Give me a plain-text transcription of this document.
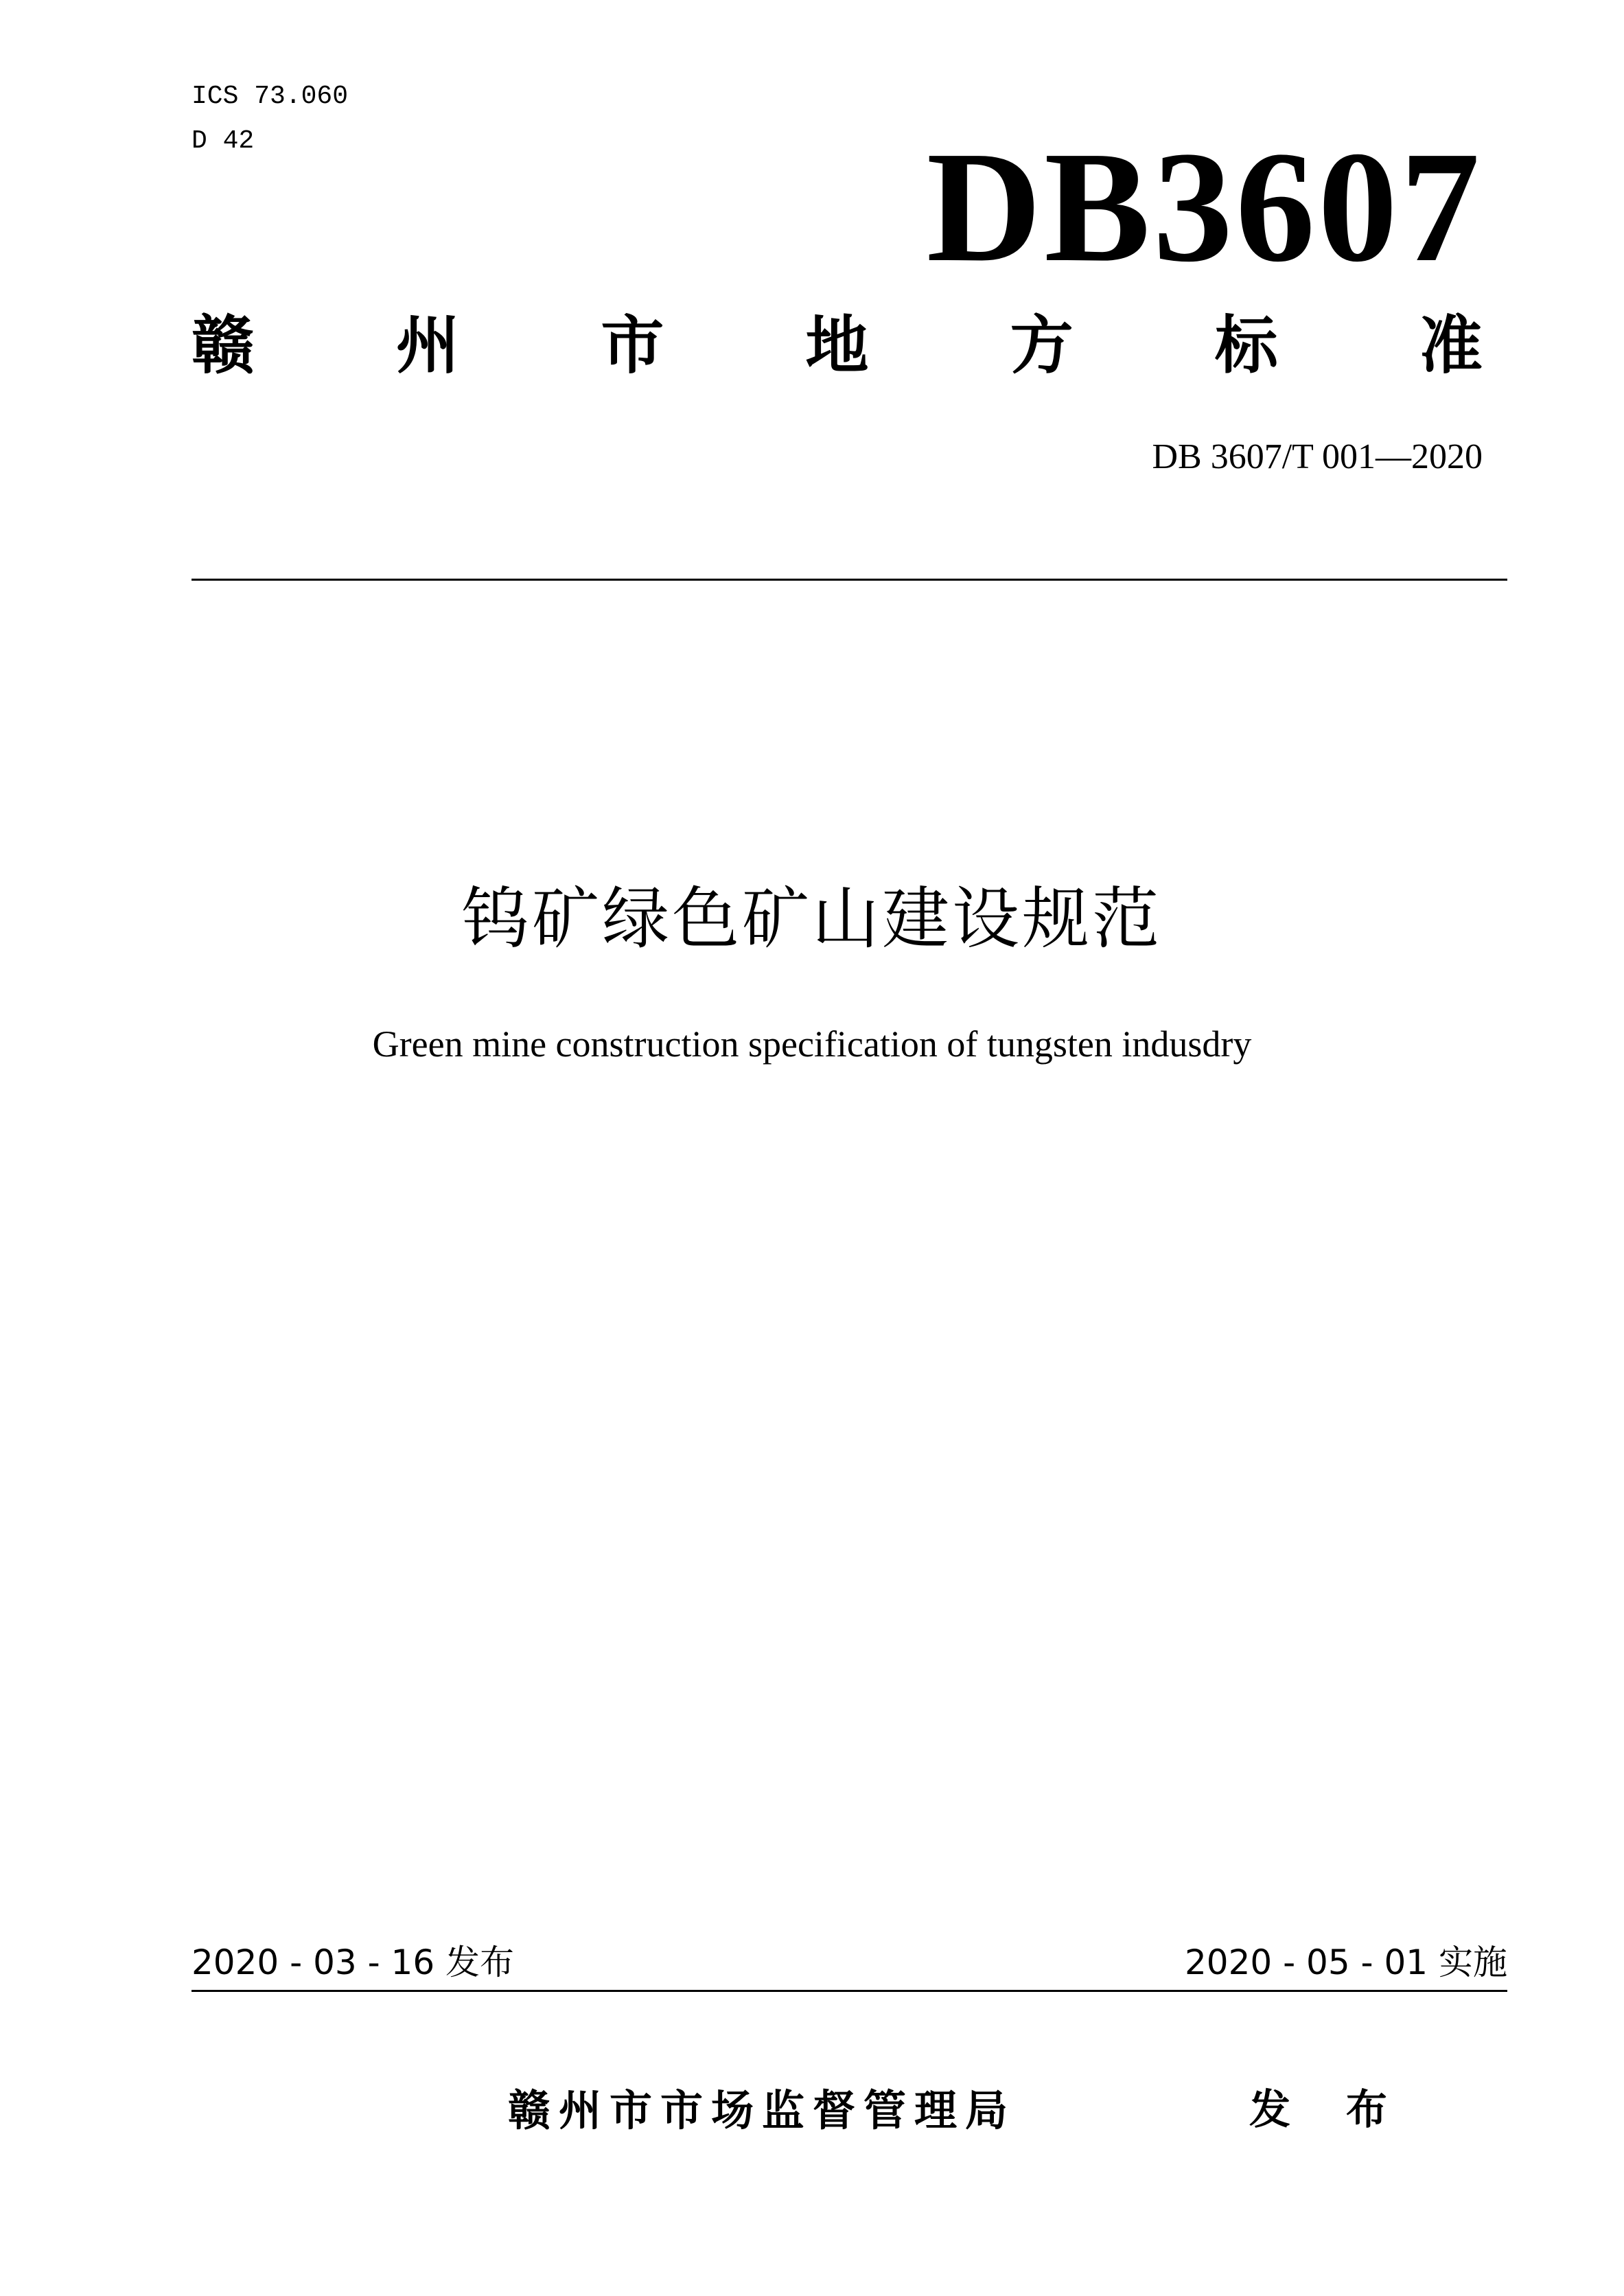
ICS 73.060
D 42	DB3607
赣 州 市 地 方 标 准
DB 3607/T 001—2020
钨矿绿色矿山建设规范
Green mine construction specification of tungsten indusdry
2020 - 03 - 16 发布	2020 - 05 - 01 实施
赣州市市场监督管理局	发 布
